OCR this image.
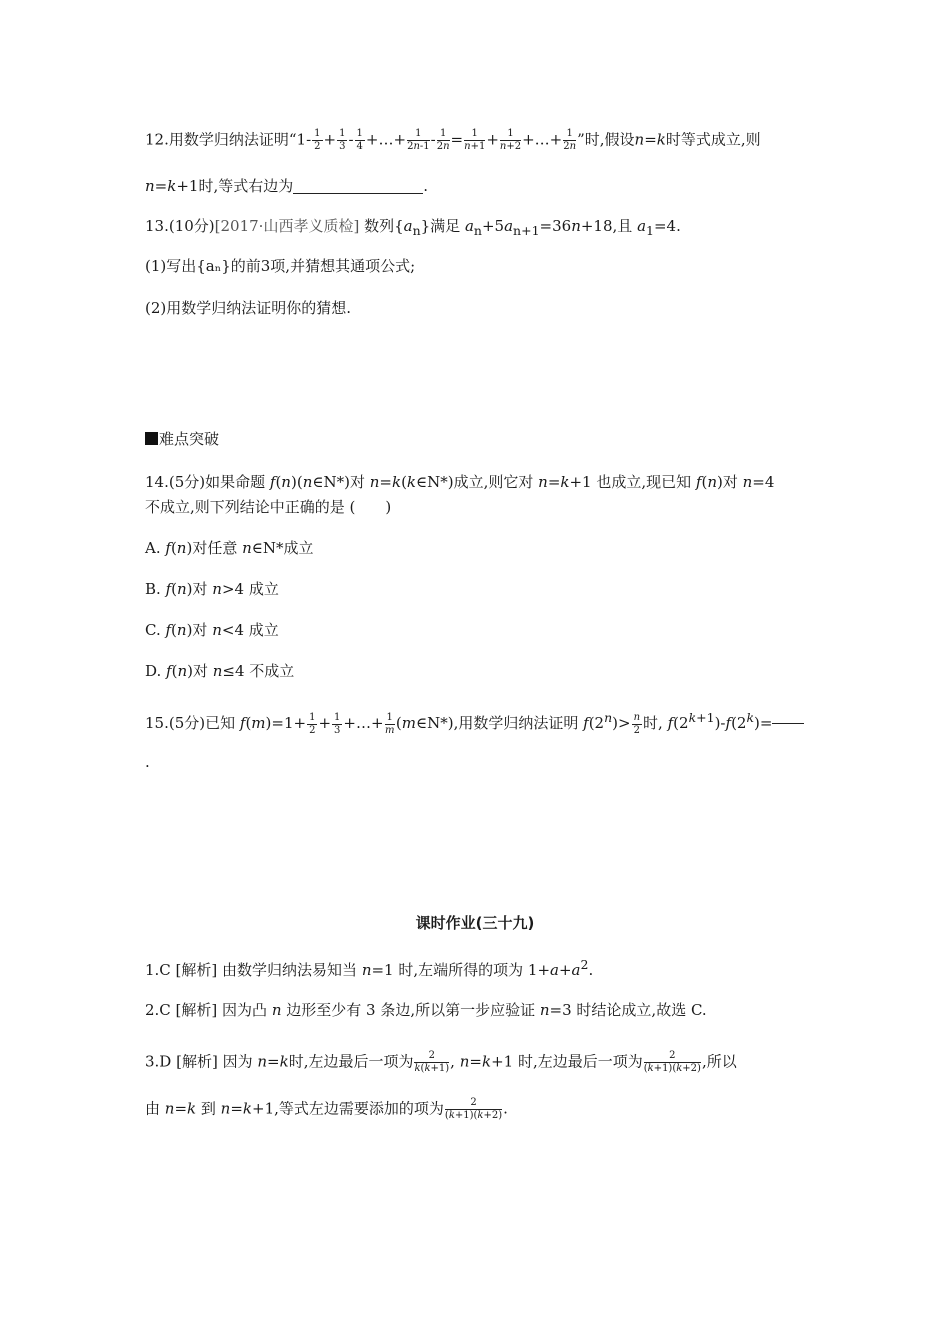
12.用数学归纳法证明“$1- \frac{1}{2} + \frac{1}{3} - \frac{1}{4}$ +…+ $\frac{1}{2n-1} - \frac{1}{2n} = \frac{1}{n+1} + \frac{1}{n+2}$ +…+ $\frac{1}{2n}$ ”时,假设n=k时等式成立,则
n=k+1时,等式右边为	.
13.(10分)[2017·山西孝义质检] 数列$\{a_n\}$满足 $a_n+5a_{n+1}=36n+18$,且 $a_1=4$.
(1)写出{aₙ}的前3项,并猜想其通项公式;
(2)用数学归纳法证明你的猜想.
难点突破
14.(5分)如果命题 f(n)(n∈N*)对 n=k(k∈N*)成立,则它对 n=k+1 也成立,现已知 f(n)对 n=4
不成立,则下列结论中正确的是 (　　)
A. f(n)对任意 n∈N*成立
B. f(n)对 n>4 成立
C. f(n)对 n<4 成立
D. f(n)对 n≤4 不成立
15.(5分)已知 $f(m)=1+ \frac{1}{2} + \frac{1}{3}$ +…+ $\frac{1}{m}$ (m∈N*),用数学归纳法证明 $f(2^n)> \frac{n}{2}$ 时, $f(2^{k+1})-f(2^k)=$
.
课时作业(三十九)
1.C [解析] 由数学归纳法易知当 n=1 时,左端所得的项为 $1+a+a^2$.
2.C [解析] 因为凸 n 边形至少有 3 条边,所以第一步应验证 n=3 时结论成立,故选 C.
3.D [解析] 因为 n=k时,左边最后一项为 $\frac{2}{k(k+1)}$ , n=k+1 时,左边最后一项为 $\frac{2}{(k+1)(k+2)}$ ,所以
由 n=k 到 n=k+1,等式左边需要添加的项为 $\frac{2}{(k+1)(k+2)}$ .
